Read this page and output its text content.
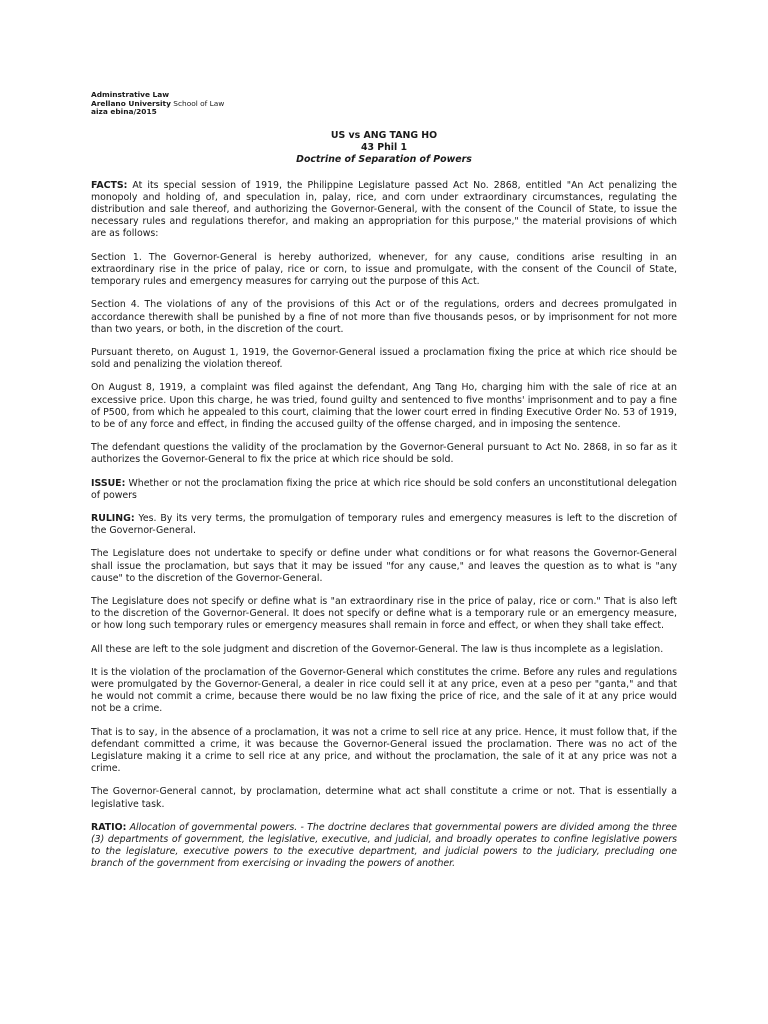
Adminstrative Law
Arellano University School of Law
aiza ebina/2015
US vs ANG TANG HO
43 Phil 1
Doctrine of Separation of Powers

FACTS: At its special session of 1919, the Philippine Legislature passed Act No. 2868, entitled "An Act penalizing the monopoly and holding of, and speculation in, palay, rice, and corn under extraordinary circumstances, regulating the distribution and sale thereof, and authorizing the Governor-General, with the consent of the Council of State, to issue the necessary rules and regulations therefor, and making an appropriation for this purpose," the material provisions of which are as follows:

Section 1. The Governor-General is hereby authorized, whenever, for any cause, conditions arise resulting in an extraordinary rise in the price of palay, rice or corn, to issue and promulgate, with the consent of the Council of State, temporary rules and emergency measures for carrying out the purpose of this Act.

Section 4. The violations of any of the provisions of this Act or of the regulations, orders and decrees promulgated in accordance therewith shall be punished by a fine of not more than five thousands pesos, or by imprisonment for not more than two years, or both, in the discretion of the court.

Pursuant thereto, on August 1, 1919, the Governor-General issued a proclamation fixing the price at which rice should be sold and penalizing the violation thereof.

On August 8, 1919, a complaint was filed against the defendant, Ang Tang Ho, charging him with the sale of rice at an excessive price. Upon this charge, he was tried, found guilty and sentenced to five months' imprisonment and to pay a fine of P500, from which he appealed to this court, claiming that the lower court erred in finding Executive Order No. 53 of 1919, to be of any force and effect, in finding the accused guilty of the offense charged, and in imposing the sentence.

The defendant questions the validity of the proclamation by the Governor-General pursuant to Act No. 2868, in so far as it authorizes the Governor-General to fix the price at which rice should be sold.

ISSUE: Whether or not the proclamation fixing the price at which rice should be sold confers an unconstitutional delegation of powers

RULING: Yes. By its very terms, the promulgation of temporary rules and emergency measures is left to the discretion of the Governor-General.

The Legislature does not undertake to specify or define under what conditions or for what reasons the Governor-General shall issue the proclamation, but says that it may be issued "for any cause," and leaves the question as to what is "any cause" to the discretion of the Governor-General.

The Legislature does not specify or define what is "an extraordinary rise in the price of palay, rice or corn." That is also left to the discretion of the Governor-General. It does not specify or define what is a temporary rule or an emergency measure, or how long such temporary rules or emergency measures shall remain in force and effect, or when they shall take effect.

All these are left to the sole judgment and discretion of the Governor-General. The law is thus incomplete as a legislation.

It is the violation of the proclamation of the Governor-General which constitutes the crime. Before any rules and regulations were promulgated by the Governor-General, a dealer in rice could sell it at any price, even at a peso per "ganta," and that he would not commit a crime, because there would be no law fixing the price of rice, and the sale of it at any price would not be a crime.

That is to say, in the absence of a proclamation, it was not a crime to sell rice at any price. Hence, it must follow that, if the defendant committed a crime, it was because the Governor-General issued the proclamation. There was no act of the Legislature making it a crime to sell rice at any price, and without the proclamation, the sale of it at any price was not a crime.

The Governor-General cannot, by proclamation, determine what act shall constitute a crime or not. That is essentially a legislative task.

RATIO: Allocation of governmental powers. - The doctrine declares that governmental powers are divided among the three (3) departments of government, the legislative, executive, and judicial, and broadly operates to confine legislative powers to the legislature, executive powers to the executive department, and judicial powers to the judiciary, precluding one branch of the government from exercising or invading the powers of another.
